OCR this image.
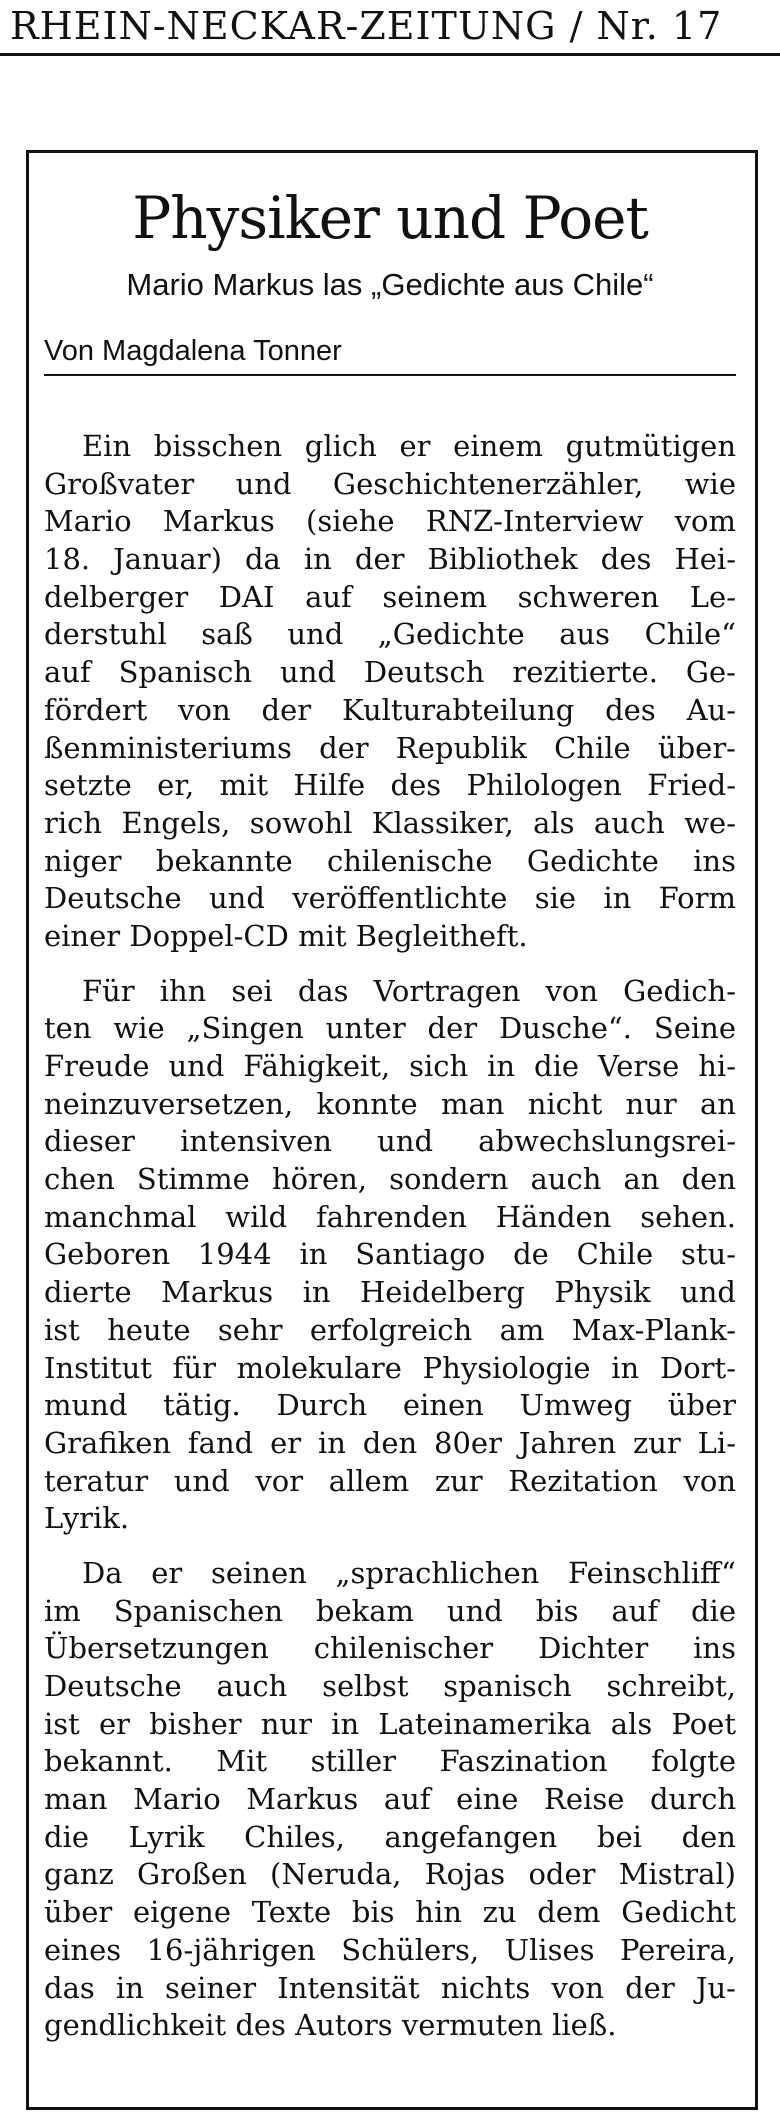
RHEIN-NECKAR-ZEITUNG / Nr. 17
Physiker und Poet
Mario Markus las „Gedichte aus Chile“
Von Magdalena Tonner
Ein bisschen glich er einem gutmütigen
Großvater und Geschichtenerzähler, wie
Mario Markus (siehe RNZ-Interview vom
18. Januar) da in der Bibliothek des Hei-
delberger DAI auf seinem schweren Le-
derstuhl saß und „Gedichte aus Chile“
auf Spanisch und Deutsch rezitierte. Ge-
fördert von der Kulturabteilung des Au-
ßenministeriums der Republik Chile über-
setzte er, mit Hilfe des Philologen Fried-
rich Engels, sowohl Klassiker, als auch we-
niger bekannte chilenische Gedichte ins
Deutsche und veröffentlichte sie in Form
einer Doppel-CD mit Begleitheft.
Für ihn sei das Vortragen von Gedich-
ten wie „Singen unter der Dusche“. Seine
Freude und Fähigkeit, sich in die Verse hi-
neinzuversetzen, konnte man nicht nur an
dieser intensiven und abwechslungsrei-
chen Stimme hören, sondern auch an den
manchmal wild fahrenden Händen sehen.
Geboren 1944 in Santiago de Chile stu-
dierte Markus in Heidelberg Physik und
ist heute sehr erfolgreich am Max-Plank-
Institut für molekulare Physiologie in Dort-
mund tätig. Durch einen Umweg über
Grafiken fand er in den 80er Jahren zur Li-
teratur und vor allem zur Rezitation von
Lyrik.
Da er seinen „sprachlichen Feinschliff“
im Spanischen bekam und bis auf die
Übersetzungen chilenischer Dichter ins
Deutsche auch selbst spanisch schreibt,
ist er bisher nur in Lateinamerika als Poet
bekannt. Mit stiller Faszination folgte
man Mario Markus auf eine Reise durch
die Lyrik Chiles, angefangen bei den
ganz Großen (Neruda, Rojas oder Mistral)
über eigene Texte bis hin zu dem Gedicht
eines 16-jährigen Schülers, Ulises Pereira,
das in seiner Intensität nichts von der Ju-
gendlichkeit des Autors vermuten ließ.
